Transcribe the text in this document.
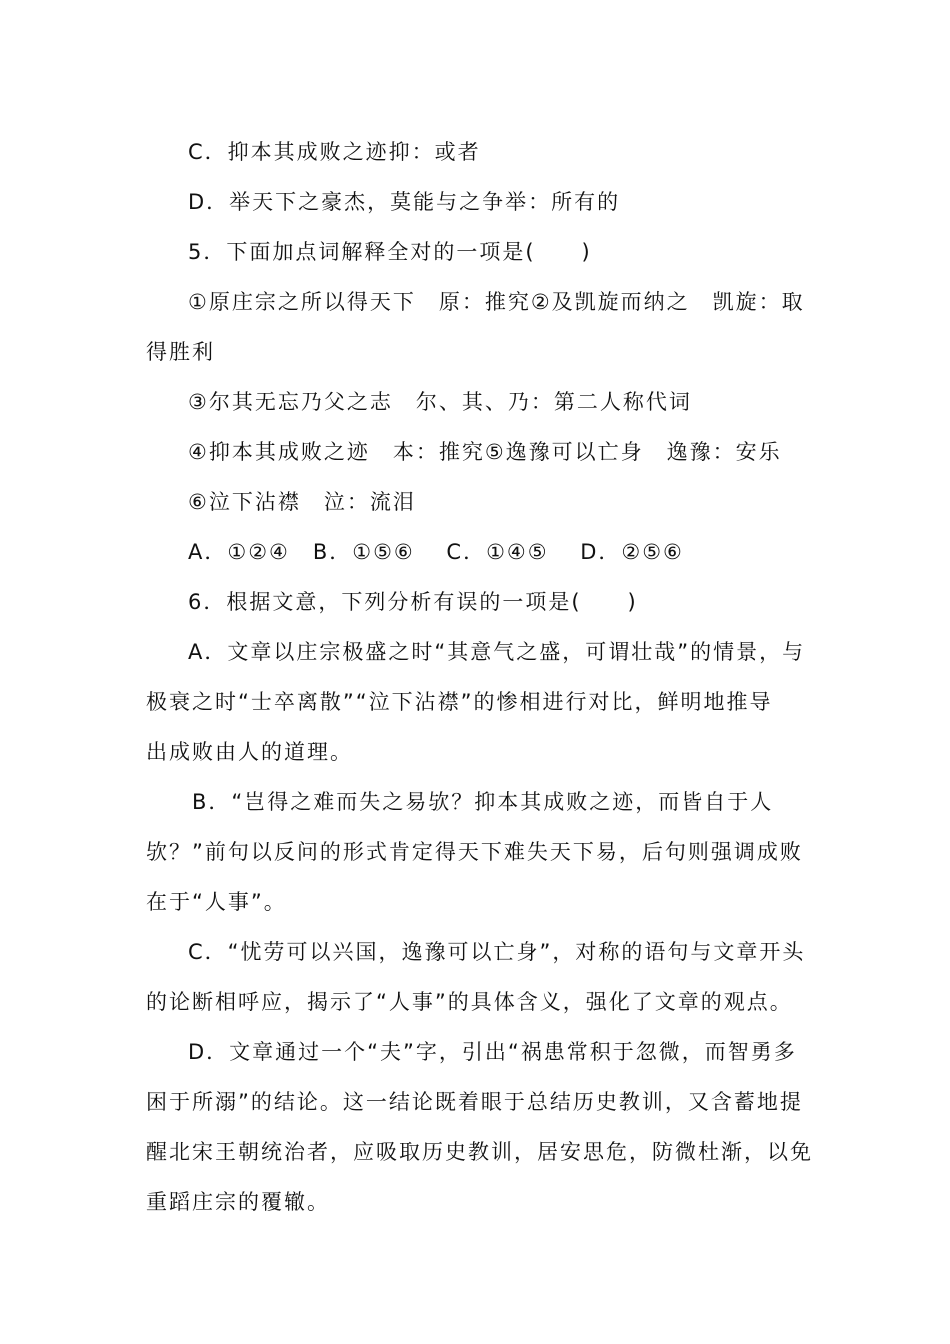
C．抑本其成败之迹抑：或者
D．举天下之豪杰，莫能与之争举：所有的
5．下面加点词解释全对的一项是(　　)
①原庄宗之所以得天下　原：推究②及凯旋而纳之　凯旋：取
得胜利
③尔其无忘乃父之志　尔、其、乃：第二人称代词
④抑本其成败之迹　本：推究⑤逸豫可以亡身　逸豫：安乐
⑥泣下沾襟　泣：流泪
A．①②④　B．①⑤⑥　 C．①④⑤　 D．②⑤⑥
6．根据文意，下列分析有误的一项是(　　)
A．文章以庄宗极盛之时“其意气之盛，可谓壮哉”的情景，与
极衰之时“士卒离散”“泣下沾襟”的惨相进行对比，鲜明地推导
出成败由人的道理。
B．“岂得之难而失之易欤？抑本其成败之迹，而皆自于人
欤？”前句以反问的形式肯定得天下难失天下易，后句则强调成败
在于“人事”。
C．“忧劳可以兴国，逸豫可以亡身”，对称的语句与文章开头
的论断相呼应，揭示了“人事”的具体含义，强化了文章的观点。
D．文章通过一个“夫”字，引出“祸患常积于忽微，而智勇多
困于所溺”的结论。这一结论既着眼于总结历史教训，又含蓄地提
醒北宋王朝统治者，应吸取历史教训，居安思危，防微杜渐，以免
重蹈庄宗的覆辙。
